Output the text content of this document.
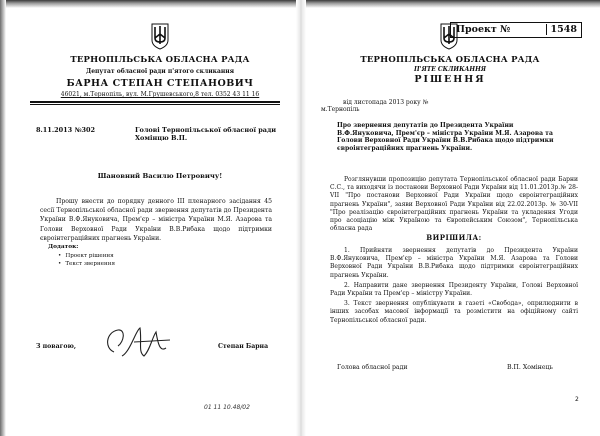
ТЕРНОПІЛЬСЬКА ОБЛАСНА РАДА
Депутат обласної ради п'ятого скликання
БАРНА СТЕПАН СТЕПАНОВИЧ
46021, м.Тернопіль, вул. М.Грушевського,8 тел. 0352 43 11 16
8.11.2013 №302	Голові Тернопільської обласної ради
Хомінцю В.П.
Шановний Василю Петровичу!
Прошу внести до порядку денного ІІІ пленарного засідання 45 сесії Тернопільської обласної ради звернення депутатів до Президента України В.Ф.Януковича, Прем'єр – міністра України М.Я. Азарова та Голови Верховної Ради України В.В.Рибака щодо підтримки євроінтеграційних прагнень України.
Додаток:
• Проект рішення
• Текст звернення
З повагою,	Степан Барна
01 11 10.48/02
Проект №	1548
ТЕРНОПІЛЬСЬКА ОБЛАСНА РАДА
П'ЯТЕ СКЛИКАННЯ
РІШЕННЯ
від листопада 2013 року №
м.Тернопіль
Про звернення депутатів до Президента України В.Ф.Януковича, Прем'єр – міністра України М.Я. Азарова та Голови Верховної Ради України В.В.Рибака щодо підтримки євроінтеграційних прагнень України.
Розглянувши пропозицію депутата Тернопільської обласної ради Барни С.С., та виходячи із постанови Верховної Ради України від 11.01.2013р.№ 28-VII "Про постанови Верховної Ради України щодо євроінтеграційних прагнень України", заяви Верховної Ради України від 22.02.2013р. № 30-VII "Про реалізацію євроінтеграційних прагнень України та укладення Угоди про асоціацію між Україною та Європейським Союзом", Тернопільська обласна рада
ВИРІШИЛА:

1. Прийняти звернення депутатів до Президента України В.Ф.Януковича, Прем'єр – міністра України М.Я. Азарова та Голови Верховної Ради України В.В.Рибака щодо підтримки євроінтеграційних прагнень України.

2. Направити дане звернення Президенту України, Голові Верховної Ради України та Прем'єр – міністру України.

3. Текст звернення опублікувати в газеті «Свобода», оприлюднити в інших засобах масової інформації та розмістити на офіційному сайті Тернопільської обласної ради.

Голова обласної ради	В.П. Хомінець
2
